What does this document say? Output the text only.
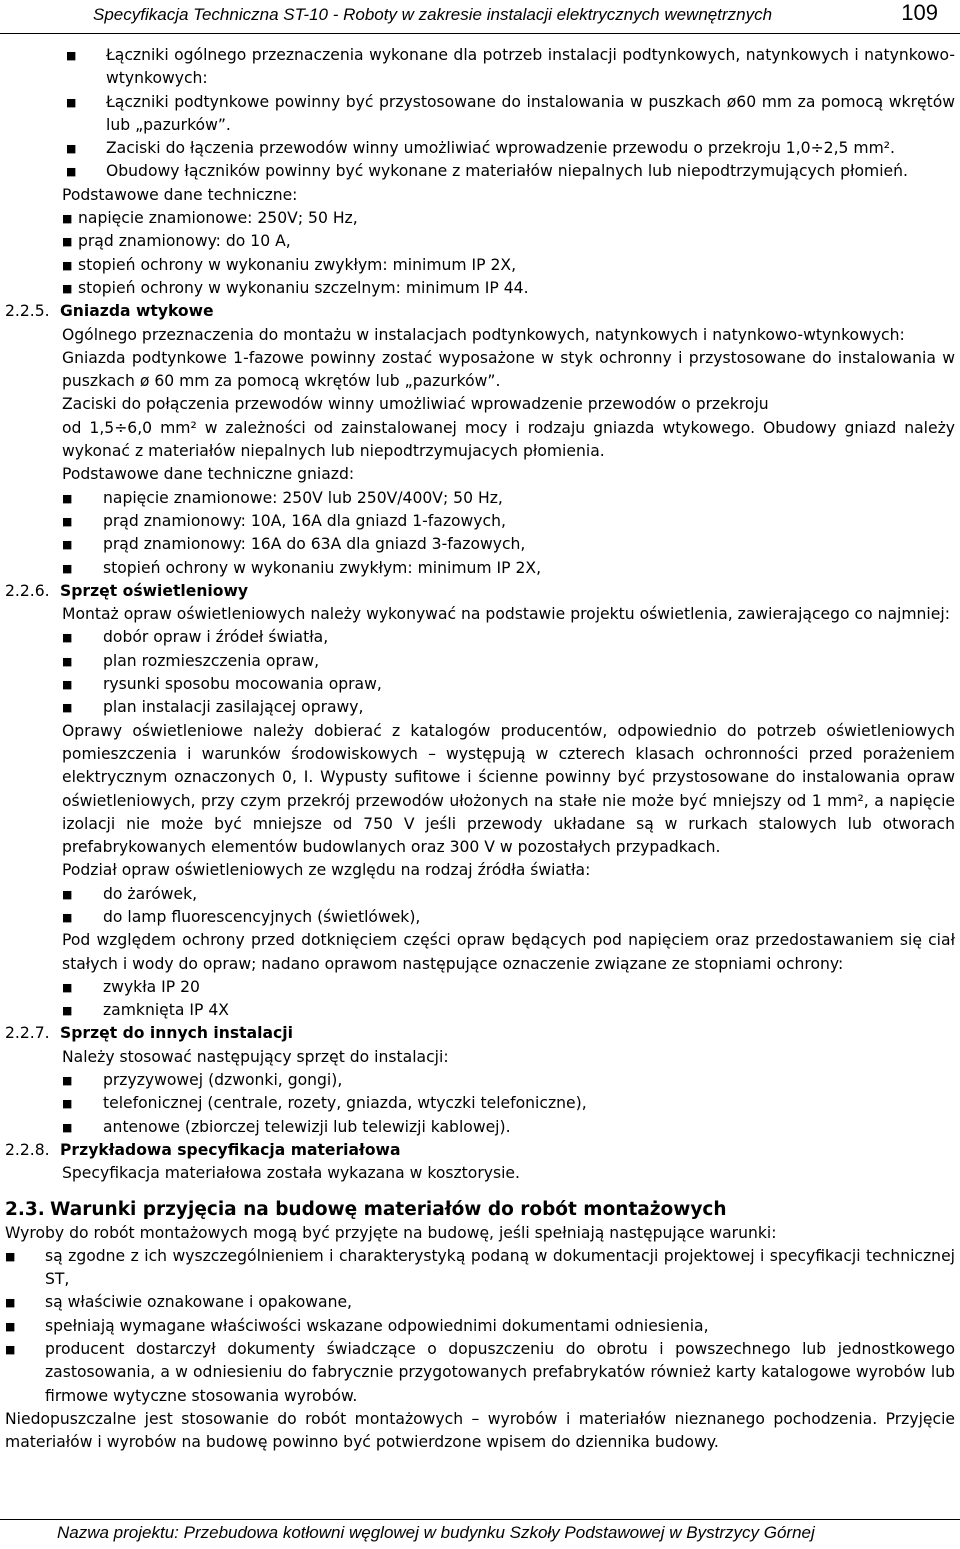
Specyfikacja Techniczna ST-10 - Roboty w zakresie instalacji elektrycznych wewnętrznych	109
■	Łączniki ogólnego przeznaczenia wykonane dla potrzeb instalacji podtynkowych, natynkowych i natynkowo-wtynkowych:
■	Łączniki podtynkowe powinny być przystosowane do instalowania w puszkach ø60 mm za pomocą wkrętów lub „pazurków”.
■	Zaciski do łączenia przewodów winny umożliwiać wprowadzenie przewodu o przekroju 1,0÷2,5 mm².
■	Obudowy łączników powinny być wykonane z materiałów niepalnych lub niepodtrzymujących płomień.

Podstawowe dane techniczne:

■ napięcie znamionowe: 250V; 50 Hz,
■ prąd znamionowy: do 10 A,
■ stopień ochrony w wykonaniu zwykłym: minimum IP 2X,
■ stopień ochrony w wykonaniu szczelnym: minimum IP 44.
2.2.5. Gniazda wtykowe

Ogólnego przeznaczenia do montażu w instalacjach podtynkowych, natynkowych i natynkowo-wtynkowych:

Gniazda podtynkowe 1-fazowe powinny zostać wyposażone w styk ochronny i przystosowane do instalowania w puszkach ø 60 mm za pomocą wkrętów lub „pazurków”.

Zaciski do połączenia przewodów winny umożliwiać wprowadzenie przewodów o przekroju

od 1,5÷6,0 mm² w zależności od zainstalowanej mocy i rodzaju gniazda wtykowego. Obudowy gniazd należy wykonać z materiałów niepalnych lub niepodtrzymujacych płomienia.

Podstawowe dane techniczne gniazd:

■	napięcie znamionowe: 250V lub 250V/400V; 50 Hz,
■	prąd znamionowy: 10A, 16A dla gniazd 1-fazowych,
■	prąd znamionowy: 16A do 63A dla gniazd 3-fazowych,
■	stopień ochrony w wykonaniu zwykłym: minimum IP 2X,
2.2.6. Sprzęt oświetleniowy

Montaż opraw oświetleniowych należy wykonywać na podstawie projektu oświetlenia, zawierającego co najmniej:

■	dobór opraw i źródeł światła,
■	plan rozmieszczenia opraw,
■	rysunki sposobu mocowania opraw,
■	plan instalacji zasilającej oprawy,

Oprawy oświetleniowe należy dobierać z katalogów producentów, odpowiednio do potrzeb oświetleniowych pomieszczenia i warunków środowiskowych – występują w czterech klasach ochronności przed porażeniem elektrycznym oznaczonych 0, I. Wypusty sufitowe i ścienne powinny być przystosowane do instalowania opraw oświetleniowych, przy czym przekrój przewodów ułożonych na stałe nie może być mniejszy od 1 mm², a napięcie izolacji nie może być mniejsze od 750 V jeśli przewody układane są w rurkach stalowych lub otworach prefabrykowanych elementów budowlanych oraz 300 V w pozostałych przypadkach.

Podział opraw oświetleniowych ze względu na rodzaj źródła światła:

■	do żarówek,
■	do lamp fluorescencyjnych (świetlówek),

Pod względem ochrony przed dotknięciem części opraw będących pod napięciem oraz przedostawaniem się ciał stałych i wody do opraw; nadano oprawom następujące oznaczenie związane ze stopniami ochrony:

■	zwykła IP 20
■	zamknięta IP 4X
2.2.7. Sprzęt do innych instalacji

Należy stosować następujący sprzęt do instalacji:

■	przyzywowej (dzwonki, gongi),
■	telefonicznej (centrale, rozety, gniazda, wtyczki telefoniczne),
■	antenowe (zbiorczej telewizji lub telewizji kablowej).
2.2.8. Przykładowa specyfikacja materiałowa

Specyfikacja materiałowa została wykazana w kosztorysie.

2.3. Warunki przyjęcia na budowę materiałów do robót montażowych

Wyroby do robót montażowych mogą być przyjęte na budowę, jeśli spełniają następujące warunki:

■	są zgodne z ich wyszczególnieniem i charakterystyką podaną w dokumentacji projektowej i specyfikacji technicznej ST,
■	są właściwie oznakowane i opakowane,
■	spełniają wymagane właściwości wskazane odpowiednimi dokumentami odniesienia,
■	producent dostarczył dokumenty świadczące o dopuszczeniu do obrotu i powszechnego lub jednostkowego zastosowania, a w odniesieniu do fabrycznie przygotowanych prefabrykatów również karty katalogowe wyrobów lub firmowe wytyczne stosowania wyrobów.

Niedopuszczalne jest stosowanie do robót montażowych – wyrobów i materiałów nieznanego pochodzenia. Przyjęcie materiałów i wyrobów na budowę powinno być potwierdzone wpisem do dziennika budowy.

Nazwa projektu: Przebudowa kotłowni węglowej w budynku Szkoły Podstawowej w Bystrzycy Górnej
